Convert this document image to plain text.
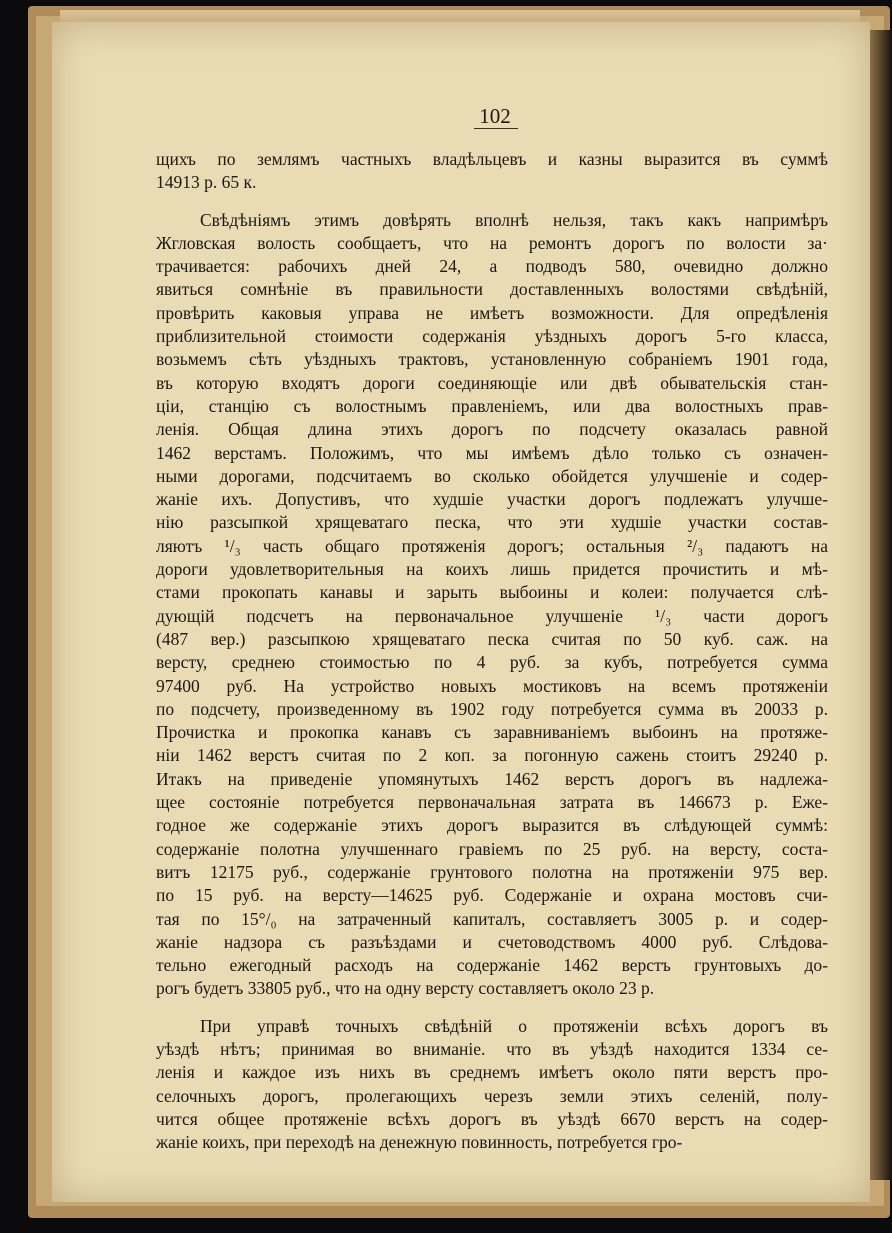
102
щихъ по землямъ частныхъ владѣльцевъ и казны выразится въ суммѣ
14913 р. 65 к.
Свѣдѣніямъ этимъ довѣрять вполнѣ нельзя, такъ какъ напримѣръ
Жгловская волость сообщаетъ, что на ремонтъ дорогъ по волости за·
трачивается: рабочихъ дней 24, а подводъ 580, очевидно должно
явиться сомнѣніе въ правильности доставленныхъ волостями свѣдѣній,
провѣрить каковыя управа не имѣетъ возможности. Для опредѣленія
приблизительной стоимости содержанія уѣздныхъ дорогъ 5-го класса,
возьмемъ сѣть уѣздныхъ трактовъ, установленную собраніемъ 1901 года,
въ которую входятъ дороги соединяющіе или двѣ обывательскія стан-
ціи, станцію съ волостнымъ правленіемъ, или два волостныхъ прав-
ленія. Общая длина этихъ дорогъ по подсчету оказалась равной
1462 верстамъ. Положимъ, что мы имѣемъ дѣло только съ означен-
ными дорогами, подсчитаемъ во сколько обойдется улучшеніе и содер-
жаніе ихъ. Допустивъ, что худшіе участки дорогъ подлежатъ улучше-
нію разсыпкой хрящеватаго песка, что эти худшіе участки состав-
ляютъ ¹/₃ часть общаго протяженія дорогъ; остальныя ²/₃ падаютъ на
дороги удовлетворительныя на коихъ лишь придется прочистить и мѣ-
стами прокопать канавы и зарыть выбоины и колеи: получается слѣ-
дующій подсчетъ на первоначальное улучшеніе ¹/₃ части дорогъ
(487 вер.) разсыпкою хрящеватаго песка считая по 50 куб. саж. на
версту, среднею стоимостью по 4 руб. за кубъ, потребуется сумма
97400 руб. На устройство новыхъ мостиковъ на всемъ протяженіи
по подсчету, произведенному въ 1902 году потребуется сумма въ 20033 р.
Прочистка и прокопка канавъ съ заравниваніемъ выбоинъ на протяже-
ніи 1462 верстъ считая по 2 коп. за погонную сажень стоитъ 29240 р.
Итакъ на приведеніе упомянутыхъ 1462 верстъ дорогъ въ надлежа-
щее состояніе потребуется первоначальная затрата въ 146673 р. Еже-
годное же содержаніе этихъ дорогъ выразится въ слѣдующей суммѣ:
содержаніе полотна улучшеннаго гравіемъ по 25 руб. на версту, соста-
витъ 12175 руб., содержаніе грунтового полотна на протяженіи 975 вер.
по 15 руб. на версту—14625 руб. Содержаніе и охрана мостовъ счи-
тая по 15°/₀ на затраченный капиталъ, составляетъ 3005 р. и содер-
жаніе надзора съ разъѣздами и счетоводствомъ 4000 руб. Слѣдова-
тельно ежегодный расходъ на содержаніе 1462 верстъ грунтовыхъ до-
рогъ будетъ 33805 руб., что на одну версту составляетъ около 23 р.
При управѣ точныхъ свѣдѣній о протяженіи всѣхъ дорогъ въ
уѣздѣ нѣтъ; принимая во вниманіе. что въ уѣздѣ находится 1334 се-
ленія и каждое изъ нихъ въ среднемъ имѣетъ около пяти верстъ про-
селочныхъ дорогъ, пролегающихъ черезъ земли этихъ селеній, полу-
чится общее протяженіе всѣхъ дорогъ въ уѣздѣ 6670 верстъ на содер-
жаніе коихъ, при переходѣ на денежную повинность, потребуется гро-
